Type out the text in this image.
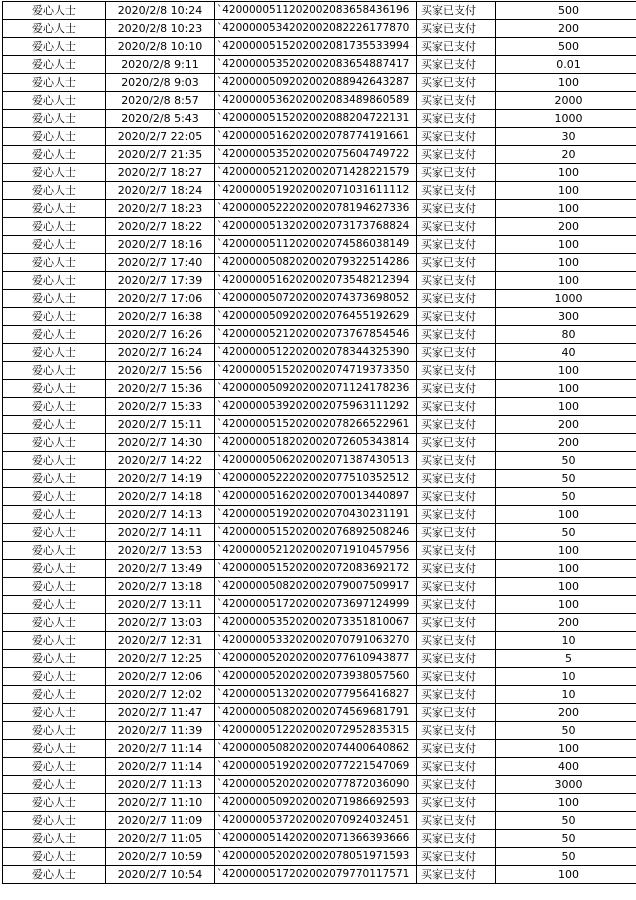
爱心人士	2020/2/8 10:24	`4200000511202002083658436196	买家已支付	500
爱心人士	2020/2/8 10:23	`4200000534202002082226177870	买家已支付	200
爱心人士	2020/2/8 10:10	`4200000515202002081735533994	买家已支付	500
爱心人士	2020/2/8 9:11	`4200000535202002083654887417	买家已支付	0.01
爱心人士	2020/2/8 9:03	`4200000509202002088942643287	买家已支付	100
爱心人士	2020/2/8 8:57	`4200000536202002083489860589	买家已支付	2000
爱心人士	2020/2/8 5:43	`4200000515202002088204722131	买家已支付	1000
爱心人士	2020/2/7 22:05	`4200000516202002078774191661	买家已支付	30
爱心人士	2020/2/7 21:35	`4200000535202002075604749722	买家已支付	20
爱心人士	2020/2/7 18:27	`4200000521202002071428221579	买家已支付	100
爱心人士	2020/2/7 18:24	`4200000519202002071031611112	买家已支付	100
爱心人士	2020/2/7 18:23	`4200000522202002078194627336	买家已支付	100
爱心人士	2020/2/7 18:22	`4200000513202002073173768824	买家已支付	200
爱心人士	2020/2/7 18:16	`4200000511202002074586038149	买家已支付	100
爱心人士	2020/2/7 17:40	`4200000508202002079322514286	买家已支付	100
爱心人士	2020/2/7 17:39	`4200000516202002073548212394	买家已支付	100
爱心人士	2020/2/7 17:06	`4200000507202002074373698052	买家已支付	1000
爱心人士	2020/2/7 16:38	`4200000509202002076455192629	买家已支付	300
爱心人士	2020/2/7 16:26	`4200000521202002073767854546	买家已支付	80
爱心人士	2020/2/7 16:24	`4200000512202002078344325390	买家已支付	40
爱心人士	2020/2/7 15:56	`4200000515202002074719373350	买家已支付	100
爱心人士	2020/2/7 15:36	`4200000509202002071124178236	买家已支付	100
爱心人士	2020/2/7 15:33	`4200000539202002075963111292	买家已支付	100
爱心人士	2020/2/7 15:11	`4200000515202002078266522961	买家已支付	200
爱心人士	2020/2/7 14:30	`4200000518202002072605343814	买家已支付	200
爱心人士	2020/2/7 14:22	`4200000506202002071387430513	买家已支付	50
爱心人士	2020/2/7 14:19	`4200000522202002077510352512	买家已支付	50
爱心人士	2020/2/7 14:18	`4200000516202002070013440897	买家已支付	50
爱心人士	2020/2/7 14:13	`4200000519202002070430231191	买家已支付	100
爱心人士	2020/2/7 14:11	`4200000515202002076892508246	买家已支付	50
爱心人士	2020/2/7 13:53	`4200000521202002071910457956	买家已支付	100
爱心人士	2020/2/7 13:49	`4200000515202002072083692172	买家已支付	100
爱心人士	2020/2/7 13:18	`4200000508202002079007509917	买家已支付	100
爱心人士	2020/2/7 13:11	`4200000517202002073697124999	买家已支付	100
爱心人士	2020/2/7 13:03	`4200000535202002073351810067	买家已支付	200
爱心人士	2020/2/7 12:31	`4200000533202002070791063270	买家已支付	10
爱心人士	2020/2/7 12:25	`4200000520202002077610943877	买家已支付	5
爱心人士	2020/2/7 12:06	`4200000520202002073938057560	买家已支付	10
爱心人士	2020/2/7 12:02	`4200000513202002077956416827	买家已支付	10
爱心人士	2020/2/7 11:47	`4200000508202002074569681791	买家已支付	200
爱心人士	2020/2/7 11:39	`4200000512202002072952835315	买家已支付	50
爱心人士	2020/2/7 11:14	`4200000508202002074400640862	买家已支付	100
爱心人士	2020/2/7 11:14	`4200000519202002077221547069	买家已支付	400
爱心人士	2020/2/7 11:13	`4200000520202002077872036090	买家已支付	3000
爱心人士	2020/2/7 11:10	`4200000509202002071986692593	买家已支付	100
爱心人士	2020/2/7 11:09	`4200000537202002070924032451	买家已支付	50
爱心人士	2020/2/7 11:05	`4200000514202002071366393666	买家已支付	50
爱心人士	2020/2/7 10:59	`4200000520202002078051971593	买家已支付	50
爱心人士	2020/2/7 10:54	`4200000517202002079770117571	买家已支付	100
